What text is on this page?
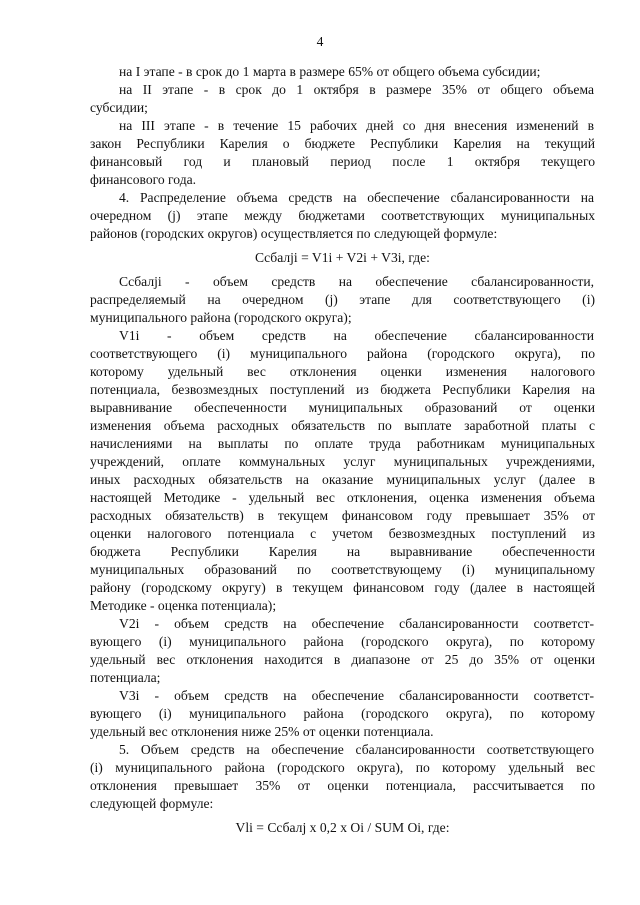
4
на I этапе - в срок до 1 марта в размере 65% от общего объема субсидии;
на II этапе - в срок до 1 октября в размере 35% от общего объема
субсидии;
на III этапе - в течение 15 рабочих дней со дня внесения изменений в
закон Республики Карелия о бюджете Республики Карелия на текущий
финансовый год и плановый период после 1 октября текущего
финансового года.
4. Распределение объема средств на обеспечение сбалансированности на
очередном (j) этапе между бюджетами соответствующих муниципальных
районов (городских округов) осуществляется по следующей формуле:
Cсбалji = V1i + V2i + V3i, где:
Cсбалji - объем средств на обеспечение сбалансированности,
распределяемый на очередном (j) этапе для соответствующего (i)
муниципального района (городского округа);
V1i - объем средств на обеспечение сбалансированности
соответствующего (i) муниципального района (городского округа), по
которому удельный вес отклонения оценки изменения налогового
потенциала, безвозмездных поступлений из бюджета Республики Карелия на
выравнивание обеспеченности муниципальных образований от оценки
изменения объема расходных обязательств по выплате заработной платы с
начислениями на выплаты по оплате труда работникам муниципальных
учреждений, оплате коммунальных услуг муниципальных учреждениями,
иных расходных обязательств на оказание муниципальных услуг (далее в
настоящей Методике - удельный вес отклонения, оценка изменения объема
расходных обязательств) в текущем финансовом году превышает 35% от
оценки налогового потенциала с учетом безвозмездных поступлений из
бюджета Республики Карелия на выравнивание обеспеченности
муниципальных образований по соответствующему (i) муниципальному
району (городскому округу) в текущем финансовом году (далее в настоящей
Методике - оценка потенциала);
V2i - объем средств на обеспечение сбалансированности соответст-
вующего (i) муниципального района (городского округа), по которому
удельный вес отклонения находится в диапазоне от 25 до 35% от оценки
потенциала;
V3i - объем средств на обеспечение сбалансированности соответст-
вующего (i) муниципального района (городского округа), по которому
удельный вес отклонения ниже 25% от оценки потенциала.
5. Объем средств на обеспечение сбалансированности соответствующего
(i) муниципального района (городского округа), по которому удельный вес
отклонения превышает 35% от оценки потенциала, рассчитывается по
следующей формуле:
Vli = Cсбалj x 0,2 x Oi / SUM Oi, где:
